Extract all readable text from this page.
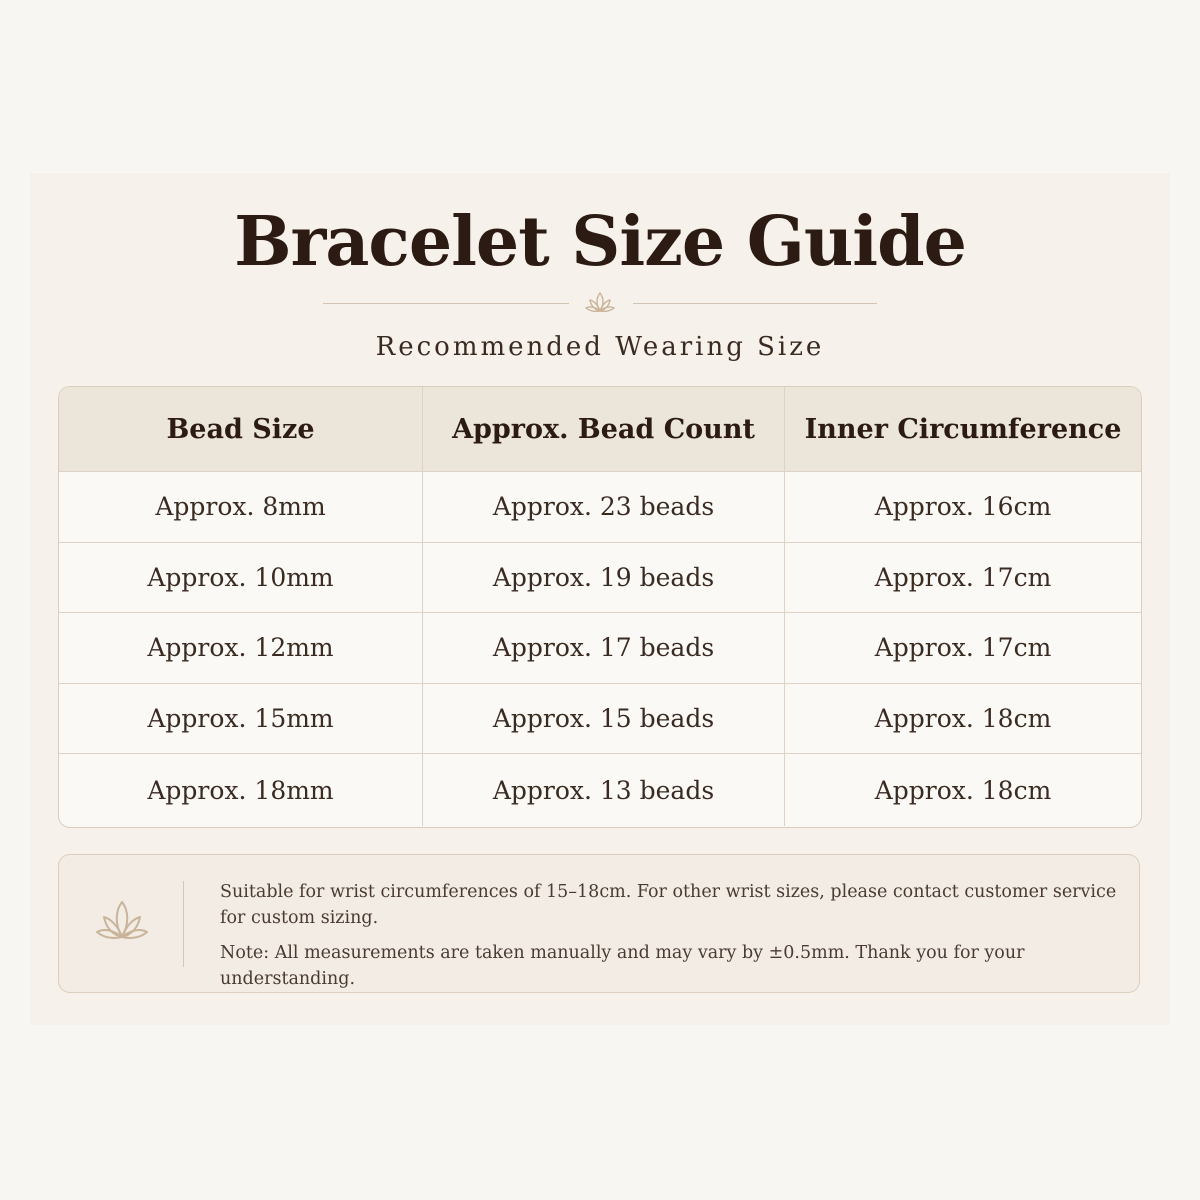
Bracelet Size Guide
Recommended Wearing Size
Bead Size	Approx. Bead Count	Inner Circumference
Approx. 8mm	Approx. 23 beads	Approx. 16cm
Approx. 10mm	Approx. 19 beads	Approx. 17cm
Approx. 12mm	Approx. 17 beads	Approx. 17cm
Approx. 15mm	Approx. 15 beads	Approx. 18cm
Approx. 18mm	Approx. 13 beads	Approx. 18cm

Suitable for wrist circumferences of 15–18cm. For other wrist sizes, please contact customer service for custom sizing.

Note: All measurements are taken manually and may vary by ±0.5mm. Thank you for your understanding.
